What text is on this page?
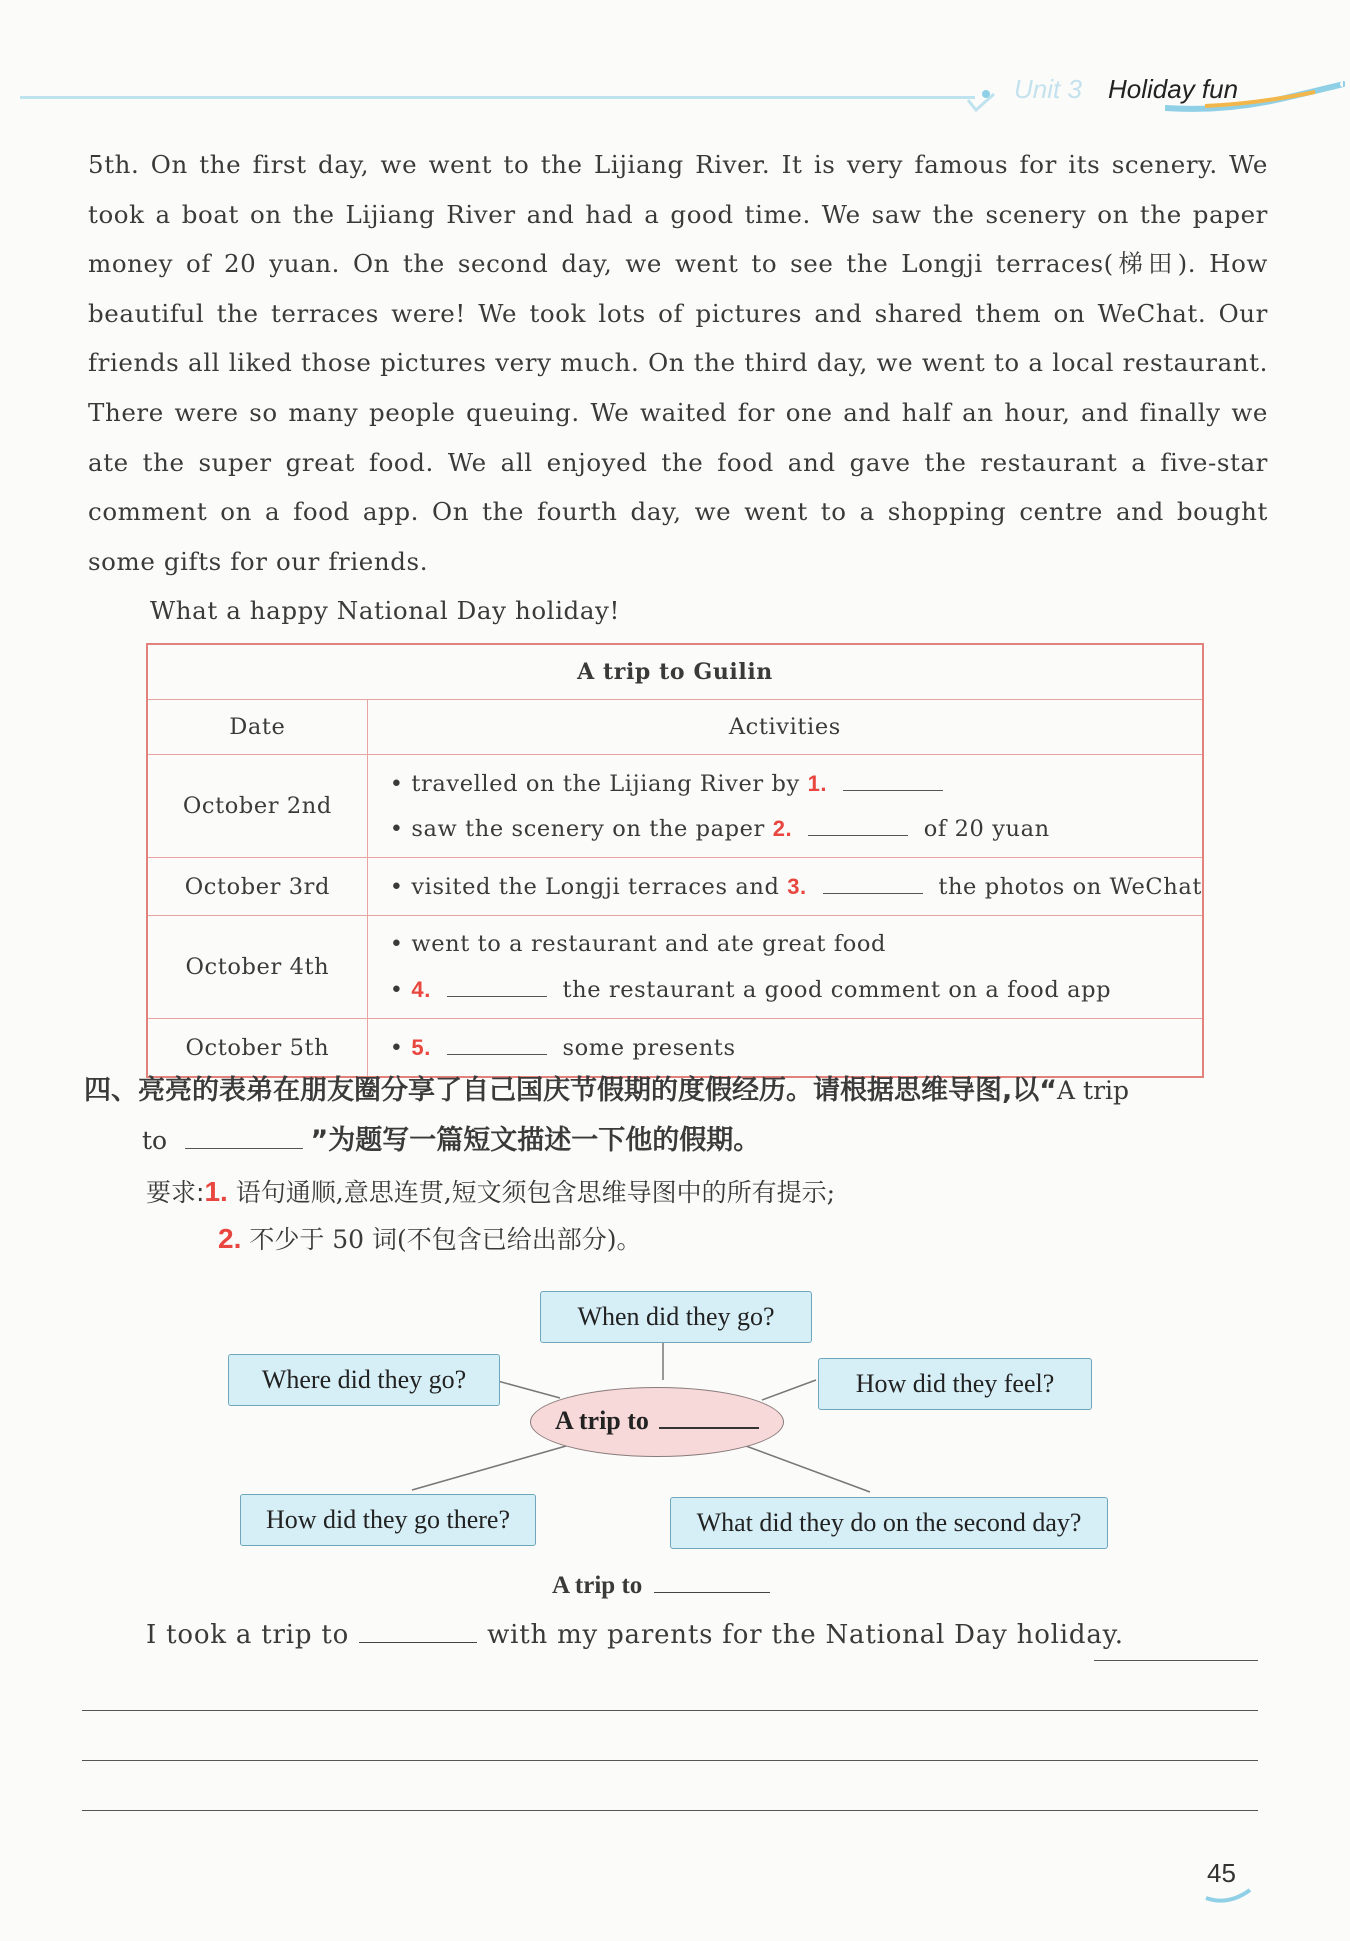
Unit 3 Holiday fun

5th. On the first day, we went to the Lijiang River. It is very famous for its scenery. We took a boat on the Lijiang River and had a good time. We saw the scenery on the paper money of 20 yuan. On the second day, we went to see the Longji terraces(梯田). How beautiful the terraces were! We took lots of pictures and shared them on WeChat. Our friends all liked those pictures very much. On the third day, we went to a local restaurant. There were so many people queuing. We waited for one and half an hour, and finally we ate the super great food. We all enjoyed the food and gave the restaurant a five-star comment on a food app. On the fourth day, we went to a shopping centre and bought some gifts for our friends.

What a happy National Day holiday!

A trip to Guilin	
Date	Activities
October 2nd	• travelled on the Lijiang River by 1.
• saw the scenery on the paper 2. of 20 yuan

October 3rd	• visited the Longji terraces and 3. the photos on WeChat

October 4th	• went to a restaurant and ate great food
• 4. the restaurant a good comment on a food app

October 5th	• 5. some presents
四、亮亮的表弟在朋友圈分享了自己国庆节假期的度假经历。请根据思维导图,以“A trip
to	”为题写一篇短文描述一下他的假期。
要求:1. 语句通顺,意思连贯,短文须包含思维导图中的所有提示;
2. 不少于 50 词(不包含已给出部分)。
When did they go?
Where did they go?	How did they feel?
How did they go there?	What did they do on the second day?
A trip to
A trip to
I took a trip to	with my parents for the National Day holiday.
45
